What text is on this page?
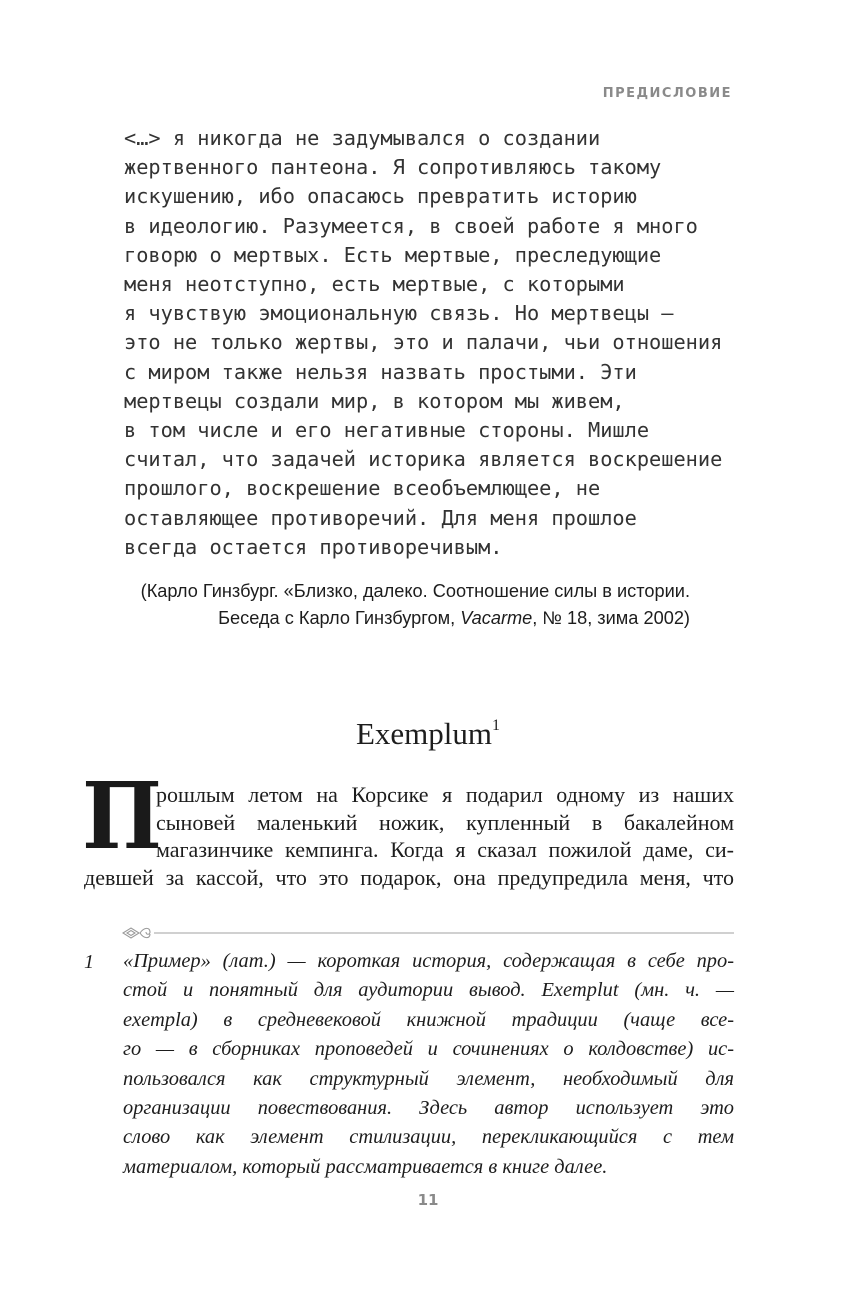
ПРЕДИСЛОВИЕ
<…> я никогда не задумывался о создании
жертвенного пантеона. Я сопротивляюсь такому
искушению, ибо опасаюсь превратить историю
в идеологию. Разумеется, в своей работе я много
говорю о мертвых. Есть мертвые, преследующие
меня неотступно, есть мертвые, с которыми
я чувствую эмоциональную связь. Но мертвецы —
это не только жертвы, это и палачи, чьи отношения
с миром также нельзя назвать простыми. Эти
мертвецы создали мир, в котором мы живем,
в том числе и его негативные стороны. Мишле
считал, что задачей историка является воскрешение
прошлого, воскрешение всеобъемлющее, не
оставляющее противоречий. Для меня прошлое
всегда остается противоречивым.
(Карло Гинзбург. «Близко, далеко. Соотношение силы в истории.
Беседа с Карло Гинзбургом, Vacarme, № 18, зима 2002)
Exemplum$^1$
П
рошлым летом на Корсике я подарил одному из наших
сыновей маленький ножик, купленный в бакалейном
магазинчике кемпинга. Когда я сказал пожилой даме, си-
девшей за кассой, что это подарок, она предупредила меня, что
1 «Пример» (лат.) — короткая история, содержащая в себе про-
стой и понятный для аудитории вывод. Exemplut (мн. ч. —
exempla) в средневековой книжной традиции (чаще все-
го — в сборниках проповедей и сочинениях о колдовстве) ис-
пользовался как структурный элемент, необходимый для
организации повествования. Здесь автор использует это
слово как элемент стилизации, перекликающийся с тем
материалом, который рассматривается в книге далее.
11
